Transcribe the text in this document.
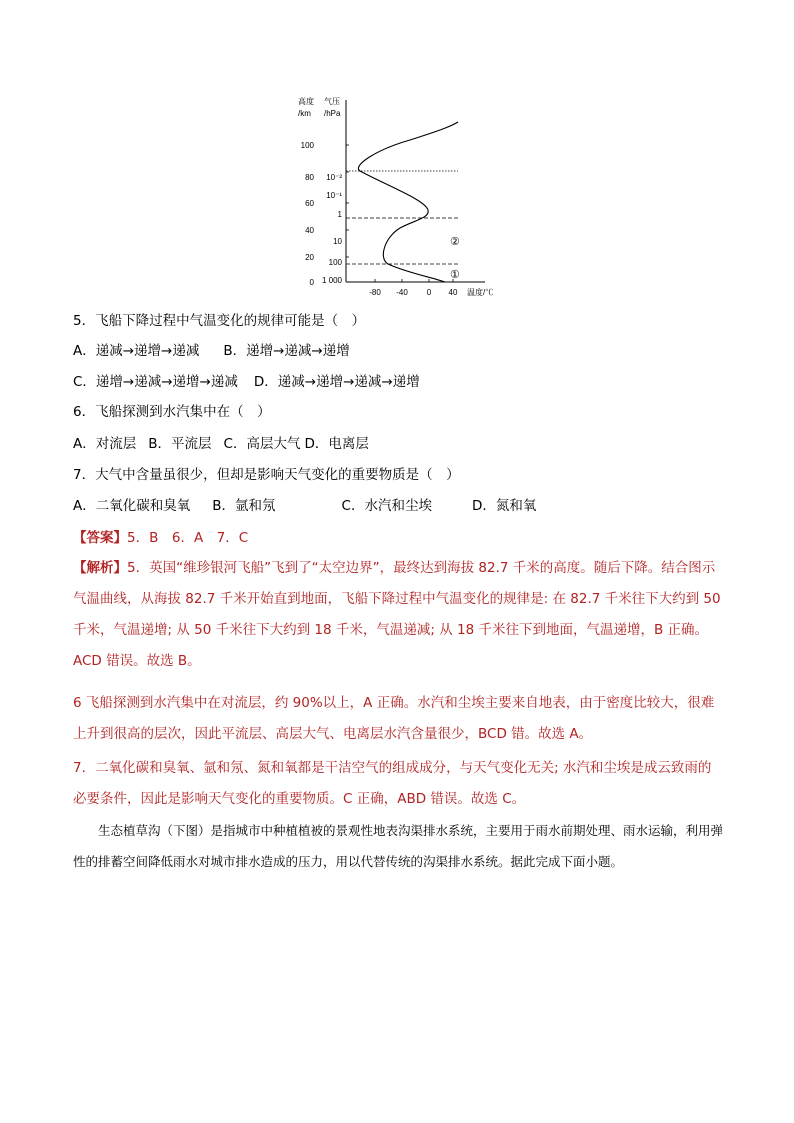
高度
/km
气压
/hPa
100
80
60
40
20
0
10⁻²
10⁻¹
1
10
100
1 000
-80 -40 0 40 温度/℃
①
②
5．飞船下降过程中气温变化的规律可能是（　）
A．递减→递增→递减 B．递增→递减→递增
C．递增→递减→递增→递减 D．递减→递增→递减→递增
6．飞船探测到水汽集中在（　）
A．对流层 B．平流层 C．高层大气 D．电离层
7．大气中含量虽很少，但却是影响天气变化的重要物质是（　）
A．二氧化碳和臭氧 B．氩和氖	C．水汽和尘埃	D．氮和氧
【答案】5．B　6．A　7．C
【解析】5．英国“维珍银河飞船”飞到了“太空边界”，最终达到海拔 82.7 千米的高度。随后下降。结合图示气温曲线，从海拔 82.7 千米开始直到地面，飞船下降过程中气温变化的规律是: 在 82.7 千米往下大约到 50 千米，气温递增; 从 50 千米往下大约到 18 千米，气温递减; 从 18 千米往下到地面，气温递增，B 正确。ACD 错误。故选 B。
6 飞船探测到水汽集中在对流层，约 90%以上，A 正确。水汽和尘埃主要来自地表，由于密度比较大，很难上升到很高的层次，因此平流层、高层大气、电离层水汽含量很少，BCD 错。故选 A。
7．二氧化碳和臭氧、氩和氖、氮和氧都是干洁空气的组成成分，与天气变化无关; 水汽和尘埃是成云致雨的必要条件，因此是影响天气变化的重要物质。C 正确，ABD 错误。故选 C。
生态植草沟（下图）是指城市中种植植被的景观性地表沟渠排水系统，主要用于雨水前期处理、雨水运输，利用弹性的排蓄空间降低雨水对城市排水造成的压力，用以代替传统的沟渠排水系统。据此完成下面小题。
